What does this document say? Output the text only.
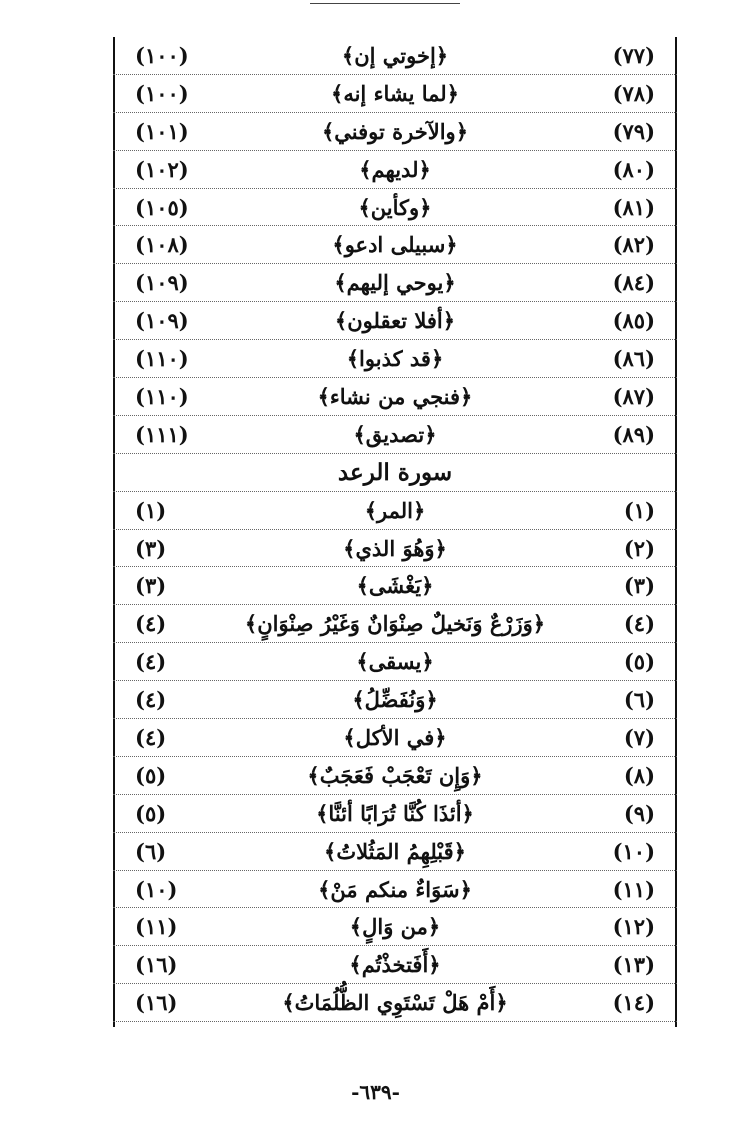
(٧٧)
﴿إخوتي إن﴾
(١٠٠)
(٧٨)
﴿لما يشاء إنه﴾
(١٠٠)
(٧٩)
﴿والآخرة توفني﴾
(١٠١)
(٨٠)
﴿لديهم﴾
(١٠٢)
(٨١)
﴿وكأين﴾
(١٠٥)
(٨٢)
﴿سبيلى ادعو﴾
(١٠٨)
(٨٤)
﴿يوحي إليهم﴾
(١٠٩)
(٨٥)
﴿أفلا تعقلون﴾
(١٠٩)
(٨٦)
﴿قد كذبوا﴾
(١١٠)
(٨٧)
﴿فنجي من نشاء﴾
(١١٠)
(٨٩)
﴿تصديق﴾
(١١١)
سورة الرعد
(١)
﴿المر﴾
(١)
(٢)
﴿وَهُوَ الذي﴾
(٣)
(٣)
﴿يَغْشَى﴾
(٣)
(٤)
﴿وَزَرْعٌ وَنَخيلٌ صِنْوَانٌ وَغَيْرُ صِنْوَانٍ﴾
(٤)
(٥)
﴿يسقى﴾
(٤)
(٦)
﴿وَنُفَضِّلُ﴾
(٤)
(٧)
﴿في الأكل﴾
(٤)
(٨)
﴿وَإِن تَعْجَبْ فَعَجَبٌ﴾
(٥)
(٩)
﴿أئذَا كُنَّا تُرَابًا أئنَّا﴾
(٥)
(١٠)
﴿قَبْلِهِمُ المَثُلاتُ﴾
(٦)
(١١)
﴿سَوَاءٌ منكم مَنْ﴾
(١٠)
(١٢)
﴿من وَالٍ﴾
(١١)
(١٣)
﴿أَفَتخذْتُم﴾
(١٦)
(١٤)
﴿أَمْ هَلْ تَسْتَوِي الظُّلُمَاتُ﴾
(١٦)
-٦٣٩-
